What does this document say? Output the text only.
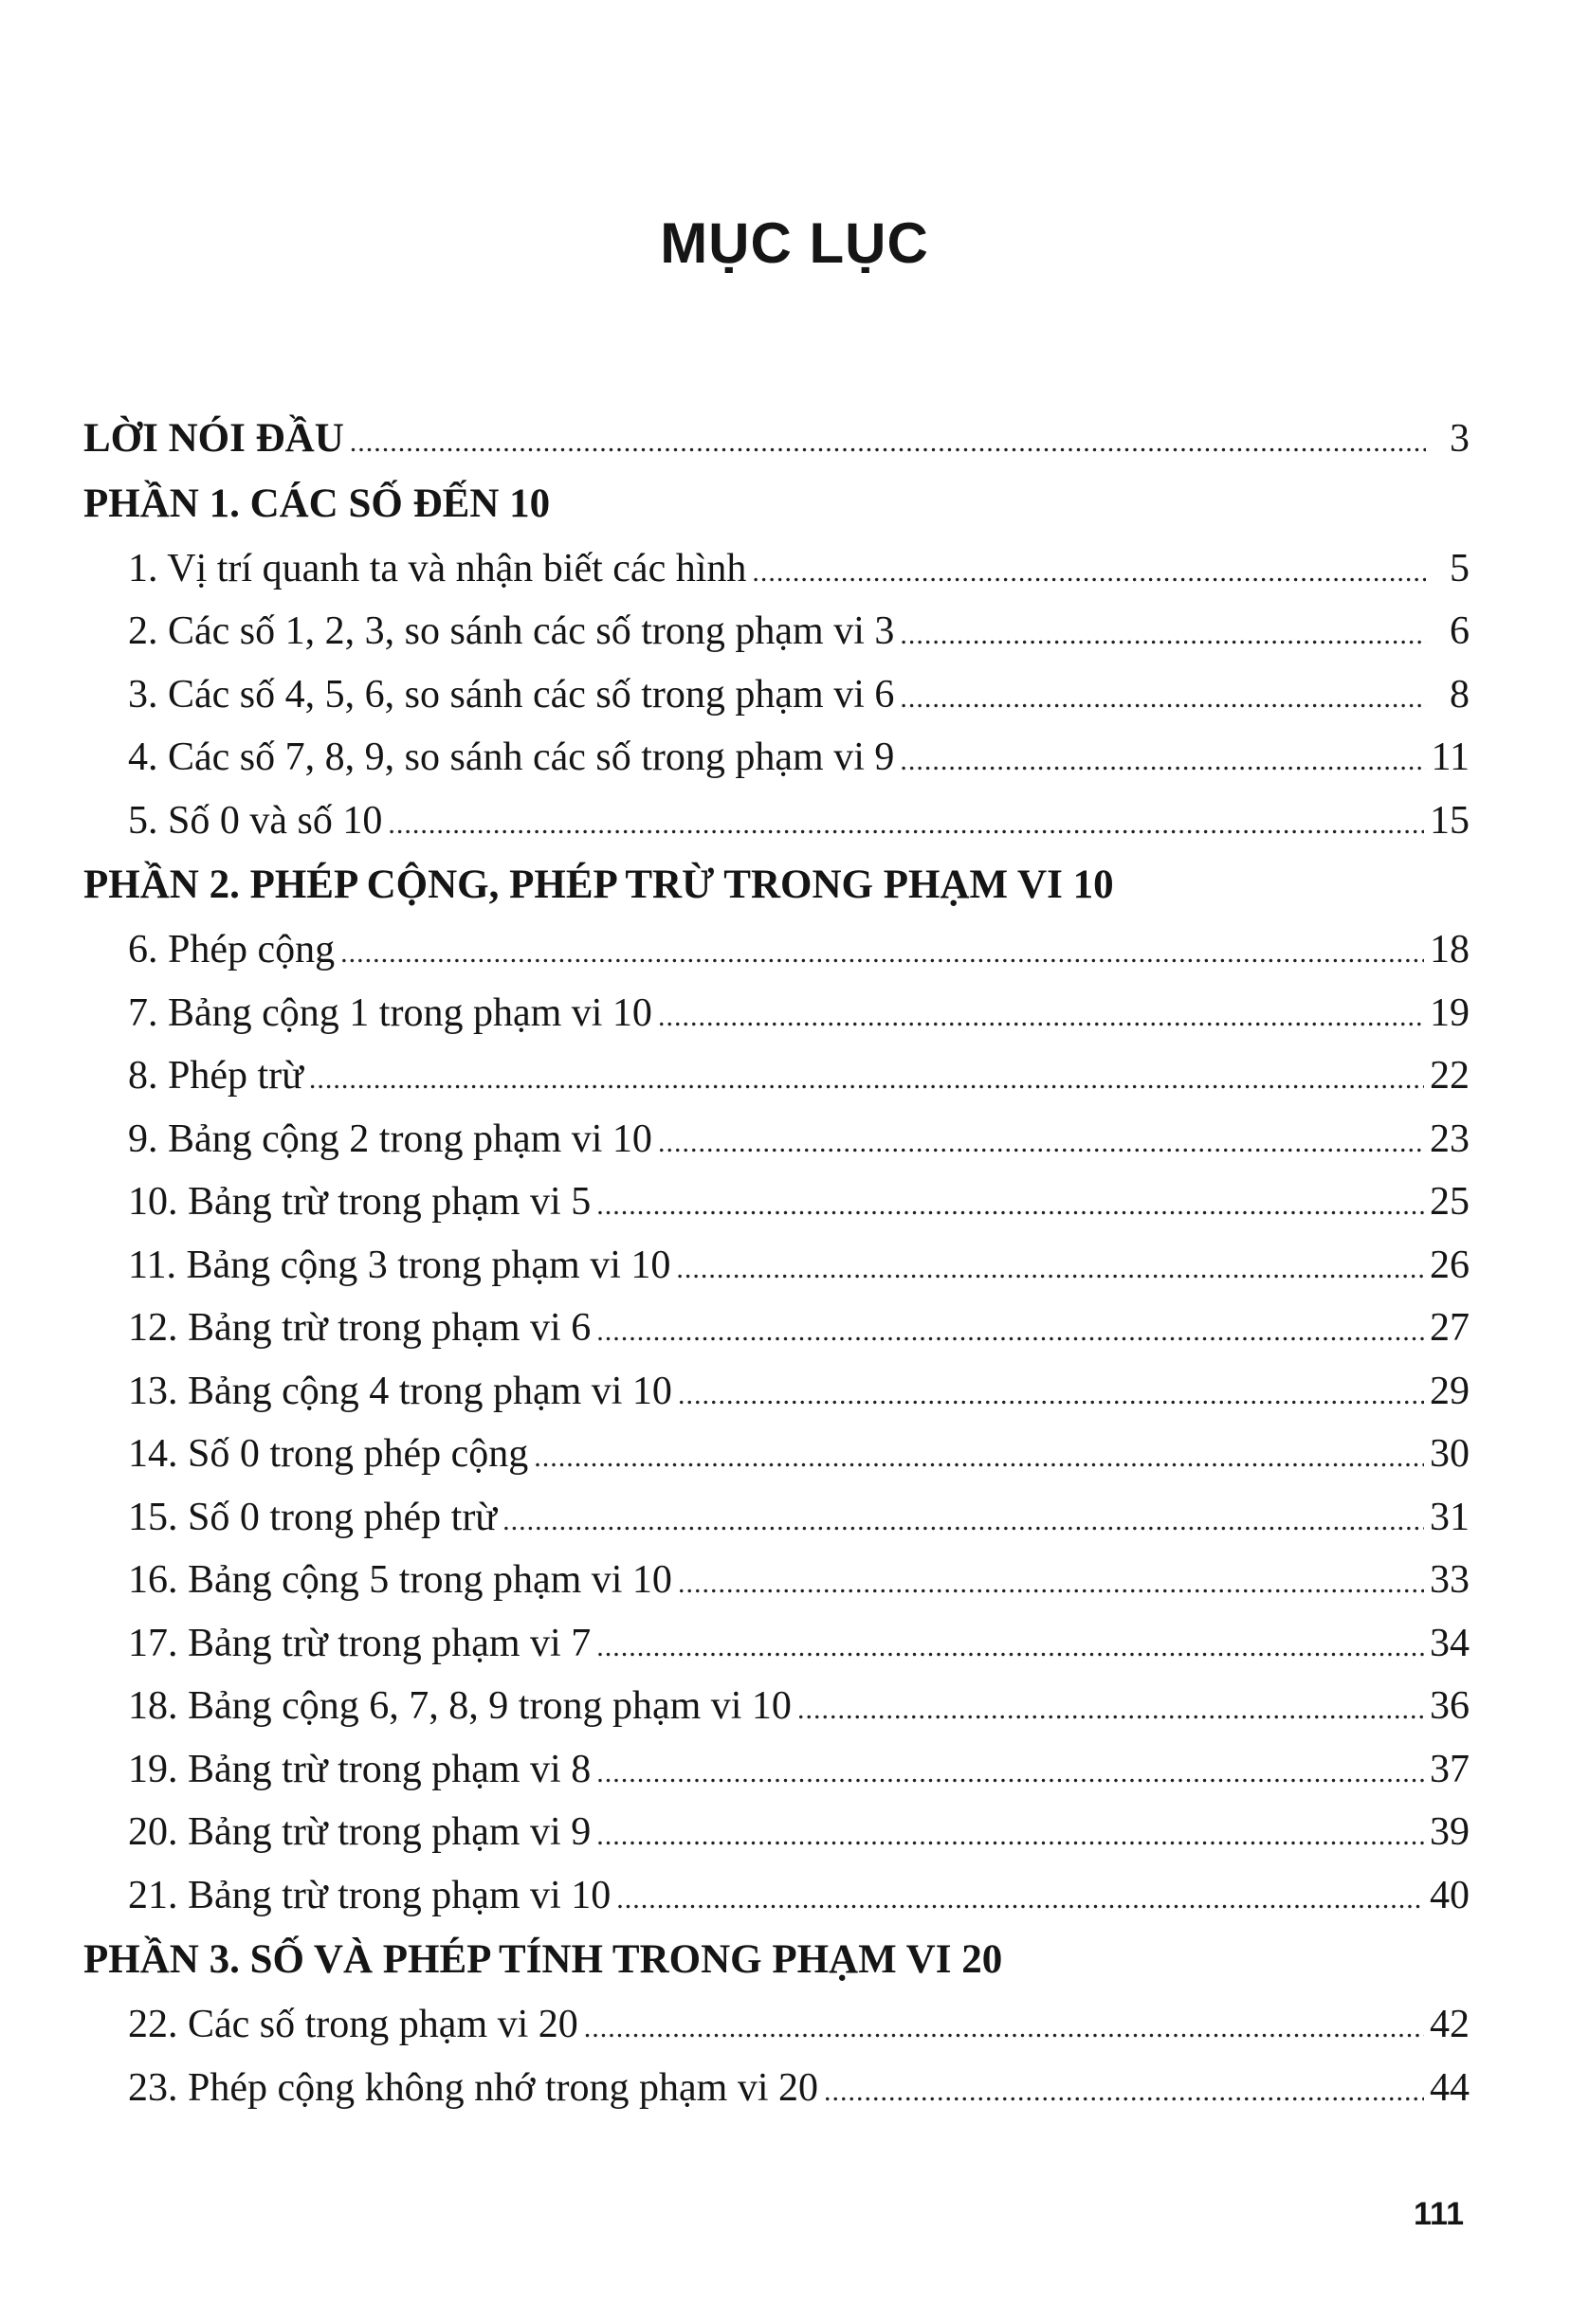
MỤC LỤC
LỜI NÓI ĐẦU .....	3
PHẦN 1. CÁC SỐ ĐẾN 10
1. Vị trí quanh ta và nhận biết các hình .....	5
2. Các số 1, 2, 3, so sánh các số trong phạm vi 3 .....	6
3. Các số 4, 5, 6, so sánh các số trong phạm vi 6 .....	8
4. Các số 7, 8, 9, so sánh các số trong phạm vi 9 .....	11
5. Số 0 và số 10 .....	15
PHẦN 2. PHÉP CỘNG, PHÉP TRỪ TRONG PHẠM VI 10
6. Phép cộng .....	18
7. Bảng cộng 1 trong phạm vi 10 .....	19
8. Phép trừ .....	22
9. Bảng cộng 2 trong phạm vi 10 .....	23
10. Bảng trừ trong phạm vi 5 .....	25
11. Bảng cộng 3 trong phạm vi 10 .....	26
12. Bảng trừ trong phạm vi 6 .....	27
13. Bảng cộng 4 trong phạm vi 10 .....	29
14. Số 0 trong phép cộng .....	30
15. Số 0 trong phép trừ .....	31
16. Bảng cộng 5 trong phạm vi 10 .....	33
17. Bảng trừ trong phạm vi 7 .....	34
18. Bảng cộng 6, 7, 8, 9 trong phạm vi 10 .....	36
19. Bảng trừ trong phạm vi 8 .....	37
20. Bảng trừ trong phạm vi 9 .....	39
21. Bảng trừ trong phạm vi 10 .....	40
PHẦN 3. SỐ VÀ PHÉP TÍNH TRONG PHẠM VI 20
22. Các số trong phạm vi 20 .....	42
23. Phép cộng không nhớ trong phạm vi 20 .....	44
111
